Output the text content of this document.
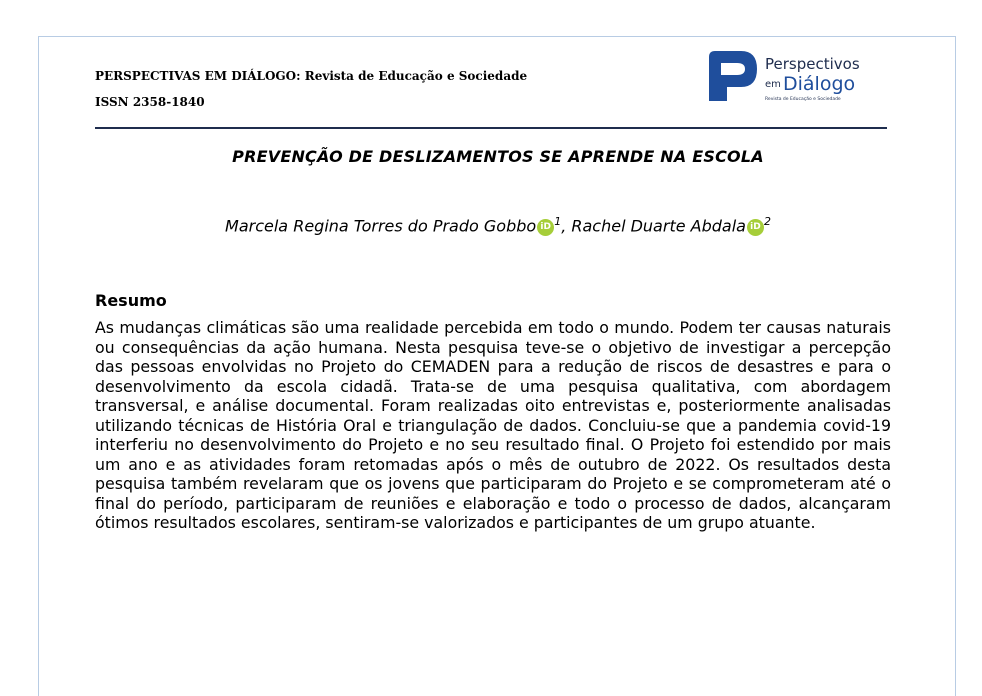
PERSPECTIVAS EM DIÁLOGO: Revista de Educação e Sociedade
ISSN 2358-1840
Perspectivos
em Diálogo
Revista de Educação e Sociedade
PREVENÇÃO DE DESLIZAMENTOS SE APRENDE NA ESCOLA
Marcela Regina Torres do Prado Gobbo iD $^1$, Rachel Duarte Abdala iD $^2$
Resumo
As mudanças climáticas são uma realidade percebida em todo o mundo. Podem ter causas naturais ou consequências da ação humana. Nesta pesquisa teve-se o objetivo de investigar a percepção das pessoas envolvidas no Projeto do CEMADEN para a redução de riscos de desastres e para o desenvolvimento da escola cidadã. Trata-se de uma pesquisa qualitativa, com abordagem transversal, e análise documental. Foram realizadas oito entrevistas e, posteriormente analisadas utilizando técnicas de História Oral e triangulação de dados. Concluiu-se que a pandemia covid-19 interferiu no desenvolvimento do Projeto e no seu resultado final. O Projeto foi estendido por mais um ano e as atividades foram retomadas após o mês de outubro de 2022. Os resultados desta pesquisa também revelaram que os jovens que participaram do Projeto e se comprometeram até o final do período, participaram de reuniões e elaboração e todo o processo de dados, alcançaram ótimos resultados escolares, sentiram-se valorizados e participantes de um grupo atuante.
